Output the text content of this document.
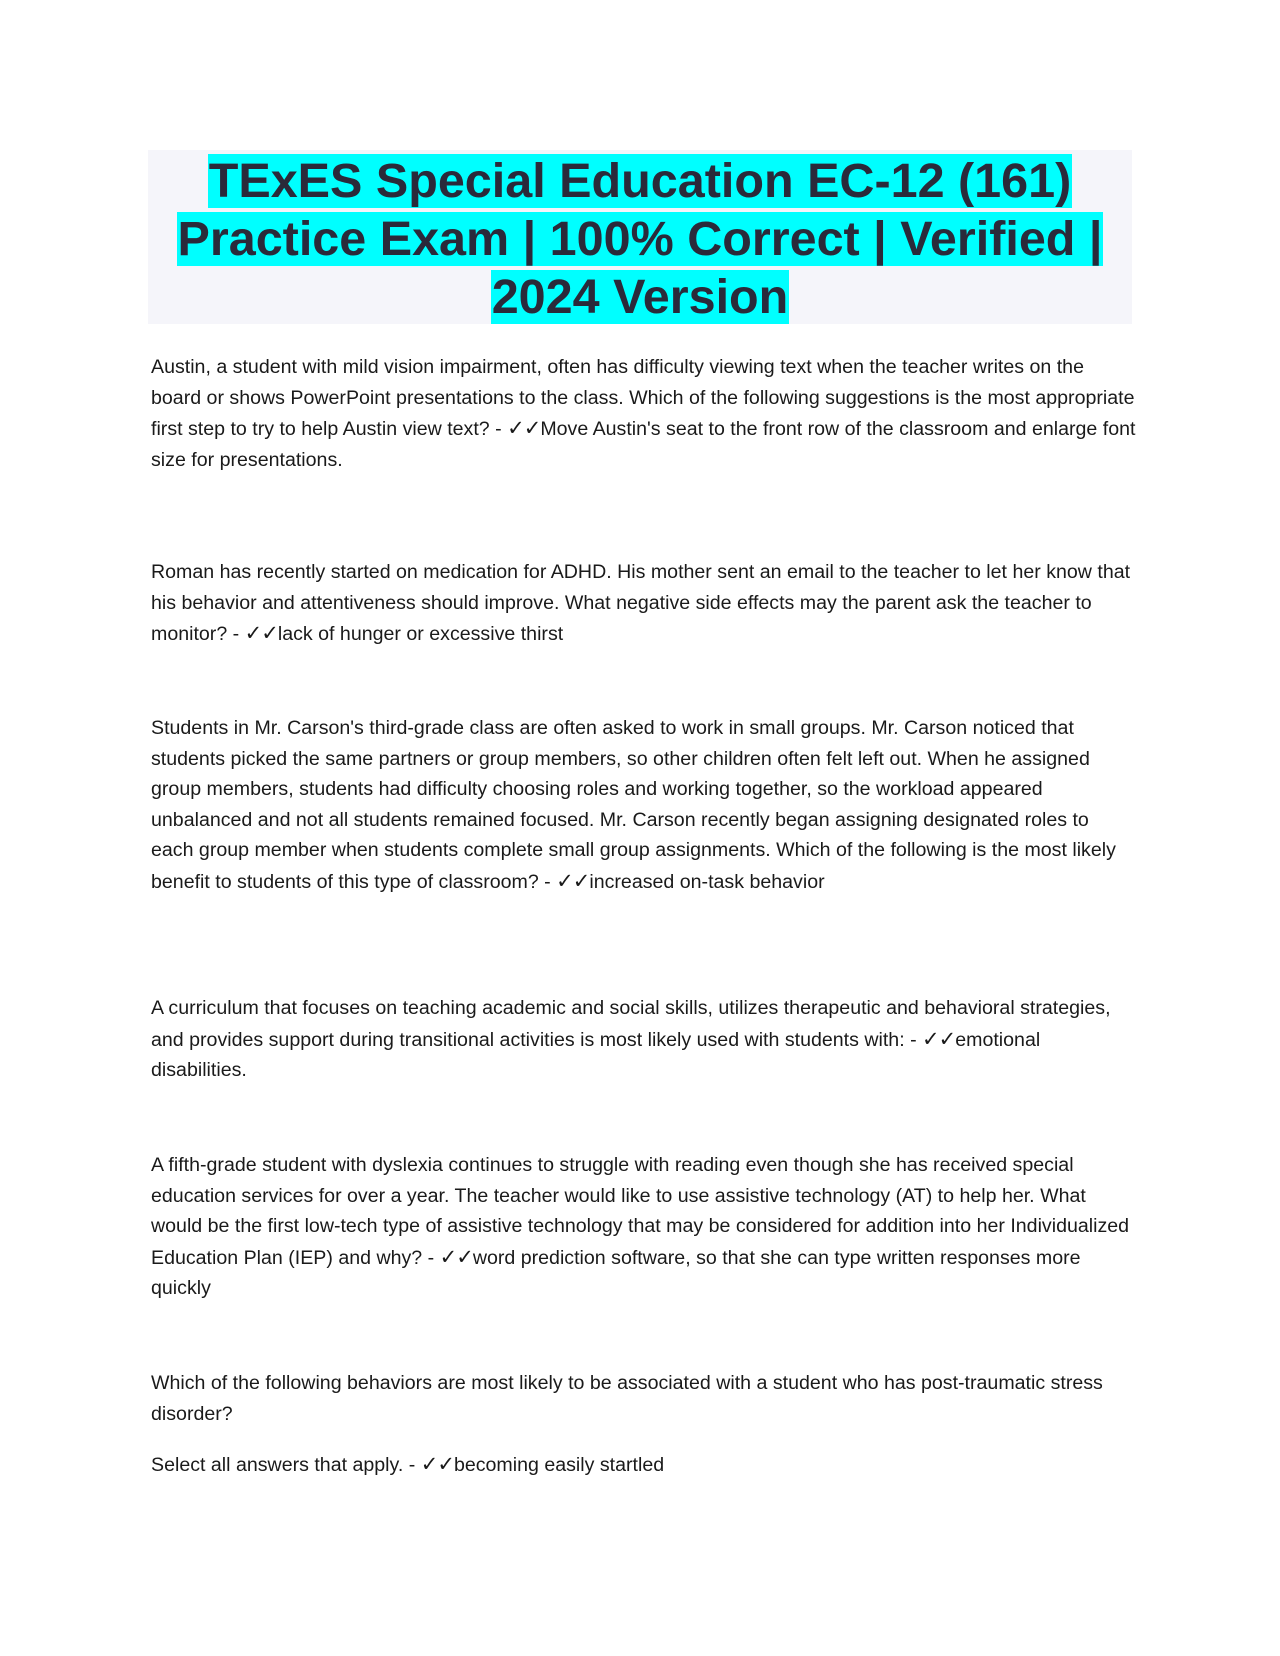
TExES Special Education EC-12 (161)
Practice Exam | 100% Correct | Verified |
2024 Version

Austin, a student with mild vision impairment, often has difficulty viewing text when the teacher writes on the board or shows PowerPoint presentations to the class. Which of the following suggestions is the most appropriate first step to try to help Austin view text? - ✓✓Move Austin's seat to the front row of the classroom and enlarge font size for presentations.

Roman has recently started on medication for ADHD. His mother sent an email to the teacher to let her know that his behavior and attentiveness should improve. What negative side effects may the parent ask the teacher to monitor? - ✓✓lack of hunger or excessive thirst

Students in Mr. Carson's third-grade class are often asked to work in small groups. Mr. Carson noticed that students picked the same partners or group members, so other children often felt left out. When he assigned group members, students had difficulty choosing roles and working together, so the workload appeared unbalanced and not all students remained focused. Mr. Carson recently began assigning designated roles to each group member when students complete small group assignments. Which of the following is the most likely benefit to students of this type of classroom? - ✓✓increased on-task behavior

A curriculum that focuses on teaching academic and social skills, utilizes therapeutic and behavioral strategies, and provides support during transitional activities is most likely used with students with: - ✓✓emotional disabilities.

A fifth-grade student with dyslexia continues to struggle with reading even though she has received special education services for over a year. The teacher would like to use assistive technology (AT) to help her. What would be the first low-tech type of assistive technology that may be considered for addition into her Individualized Education Plan (IEP) and why? - ✓✓word prediction software, so that she can type written responses more quickly

Which of the following behaviors are most likely to be associated with a student who has post-traumatic stress disorder?

Select all answers that apply. - ✓✓becoming easily startled
